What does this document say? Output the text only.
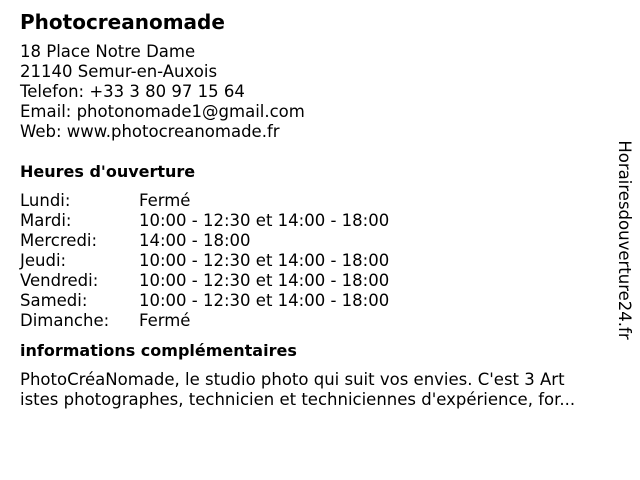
Photocreanomade
18 Place Notre Dame
21140 Semur-en-Auxois
Telefon: +33 3 80 97 15 64
Email: photonomade1@gmail.com
Web: www.photocreanomade.fr
Heures d'ouverture
Lundi:	Fermé
Mardi:	10:00 - 12:30 et 14:00 - 18:00
Mercredi:	14:00 - 18:00
Jeudi:	10:00 - 12:30 et 14:00 - 18:00
Vendredi:	10:00 - 12:30 et 14:00 - 18:00
Samedi:	10:00 - 12:30 et 14:00 - 18:00
Dimanche:	Fermé
informations complémentaires
PhotoCréaNomade, le studio photo qui suit vos envies. C'est 3 Art
istes photographes, technicien et techniciennes d'expérience, for...
Horairesdouverture24.fr
